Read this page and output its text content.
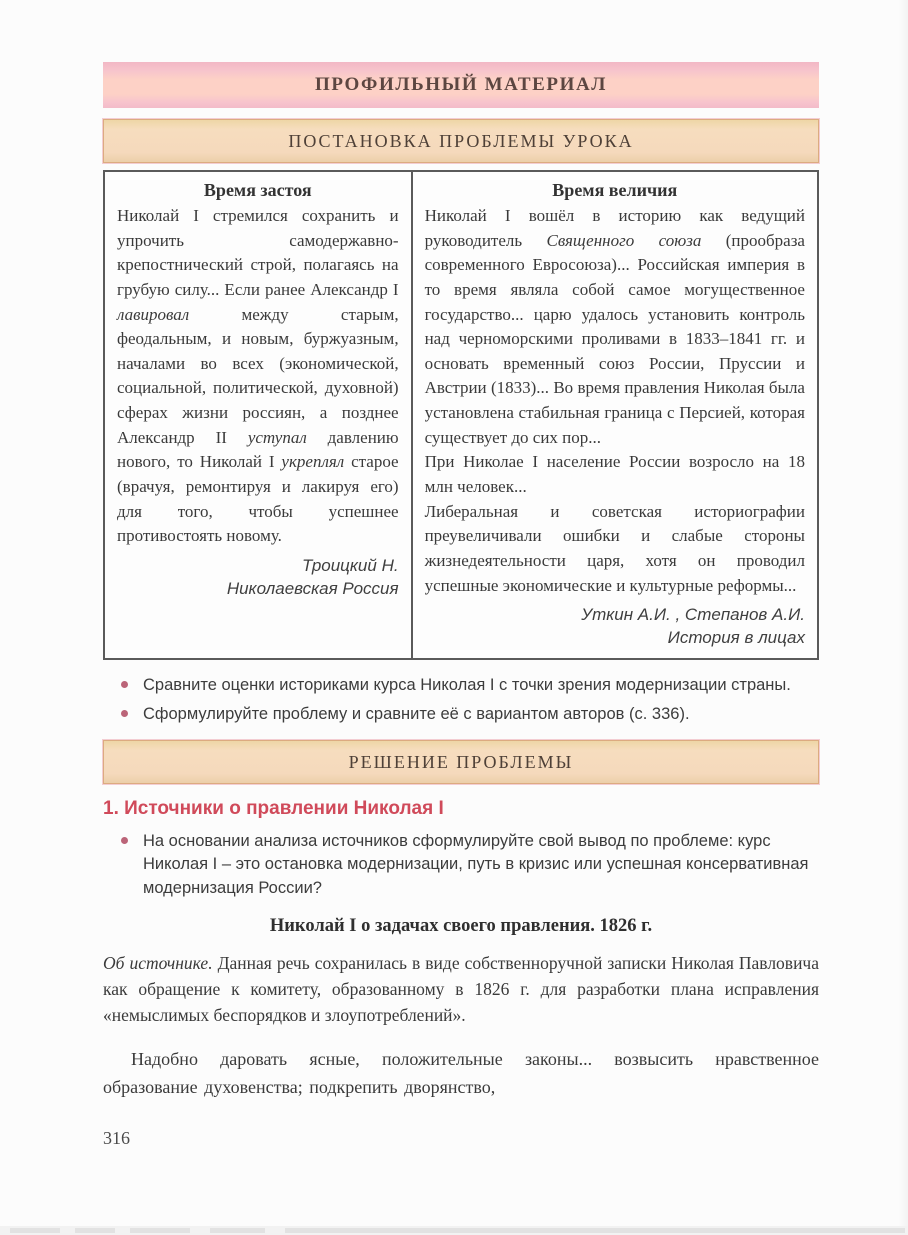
ПРОФИЛЬНЫЙ МАТЕРИАЛ
ПОСТАНОВКА ПРОБЛЕМЫ УРОКА
Время застоя

Николай I стремился сохранить и упрочить самодержавно-крепостнический строй, полагаясь на грубую силу... Если ранее Александр I лавировал между старым, феодальным, и новым, буржуазным, началами во всех (экономической, социальной, политической, духовной) сферах жизни россиян, а позднее Александр II уступал давлению нового, то Николай I укреплял старое (врачуя, ремонтируя и лакируя его) для того, чтобы успешнее противостоять новому.

Троицкий Н.
Николаевская Россия
Время величия

Николай I вошёл в историю как ведущий руководитель Священного союза (прообраза современного Евросоюза)... Российская империя в то время являла собой самое могущественное государство... царю удалось установить контроль над черноморскими проливами в 1833–1841 гг. и основать временный союз России, Пруссии и Австрии (1833)... Во время правления Николая была установлена стабильная граница с Персией, которая существует до сих пор...

При Николае I население России возросло на 18 млн человек...

Либеральная и советская историографии преувеличивали ошибки и слабые стороны жизнедеятельности царя, хотя он проводил успешные экономические и культурные реформы...

Уткин А.И. , Степанов А.И.
История в лицах
Сравните оценки историками курса Николая I с точки зрения модернизации страны.
Сформулируйте проблему и сравните её с вариантом авторов (с. 336).
РЕШЕНИЕ ПРОБЛЕМЫ
1. Источники о правлении Николая I
На основании анализа источников сформулируйте свой вывод по проблеме: курс Николая I – это остановка модернизации, путь в кризис или успешная консервативная модернизация России?
Николай I о задачах своего правления. 1826 г.
Об источнике. Данная речь сохранилась в виде собственноручной записки Николая Павловича как обращение к комитету, образованному в 1826 г. для разработки плана исправления «немыслимых беспорядков и злоупотреблений».
Надобно даровать ясные, положительные законы... возвысить нравственное образование духовенства; подкрепить дворянство,
316
